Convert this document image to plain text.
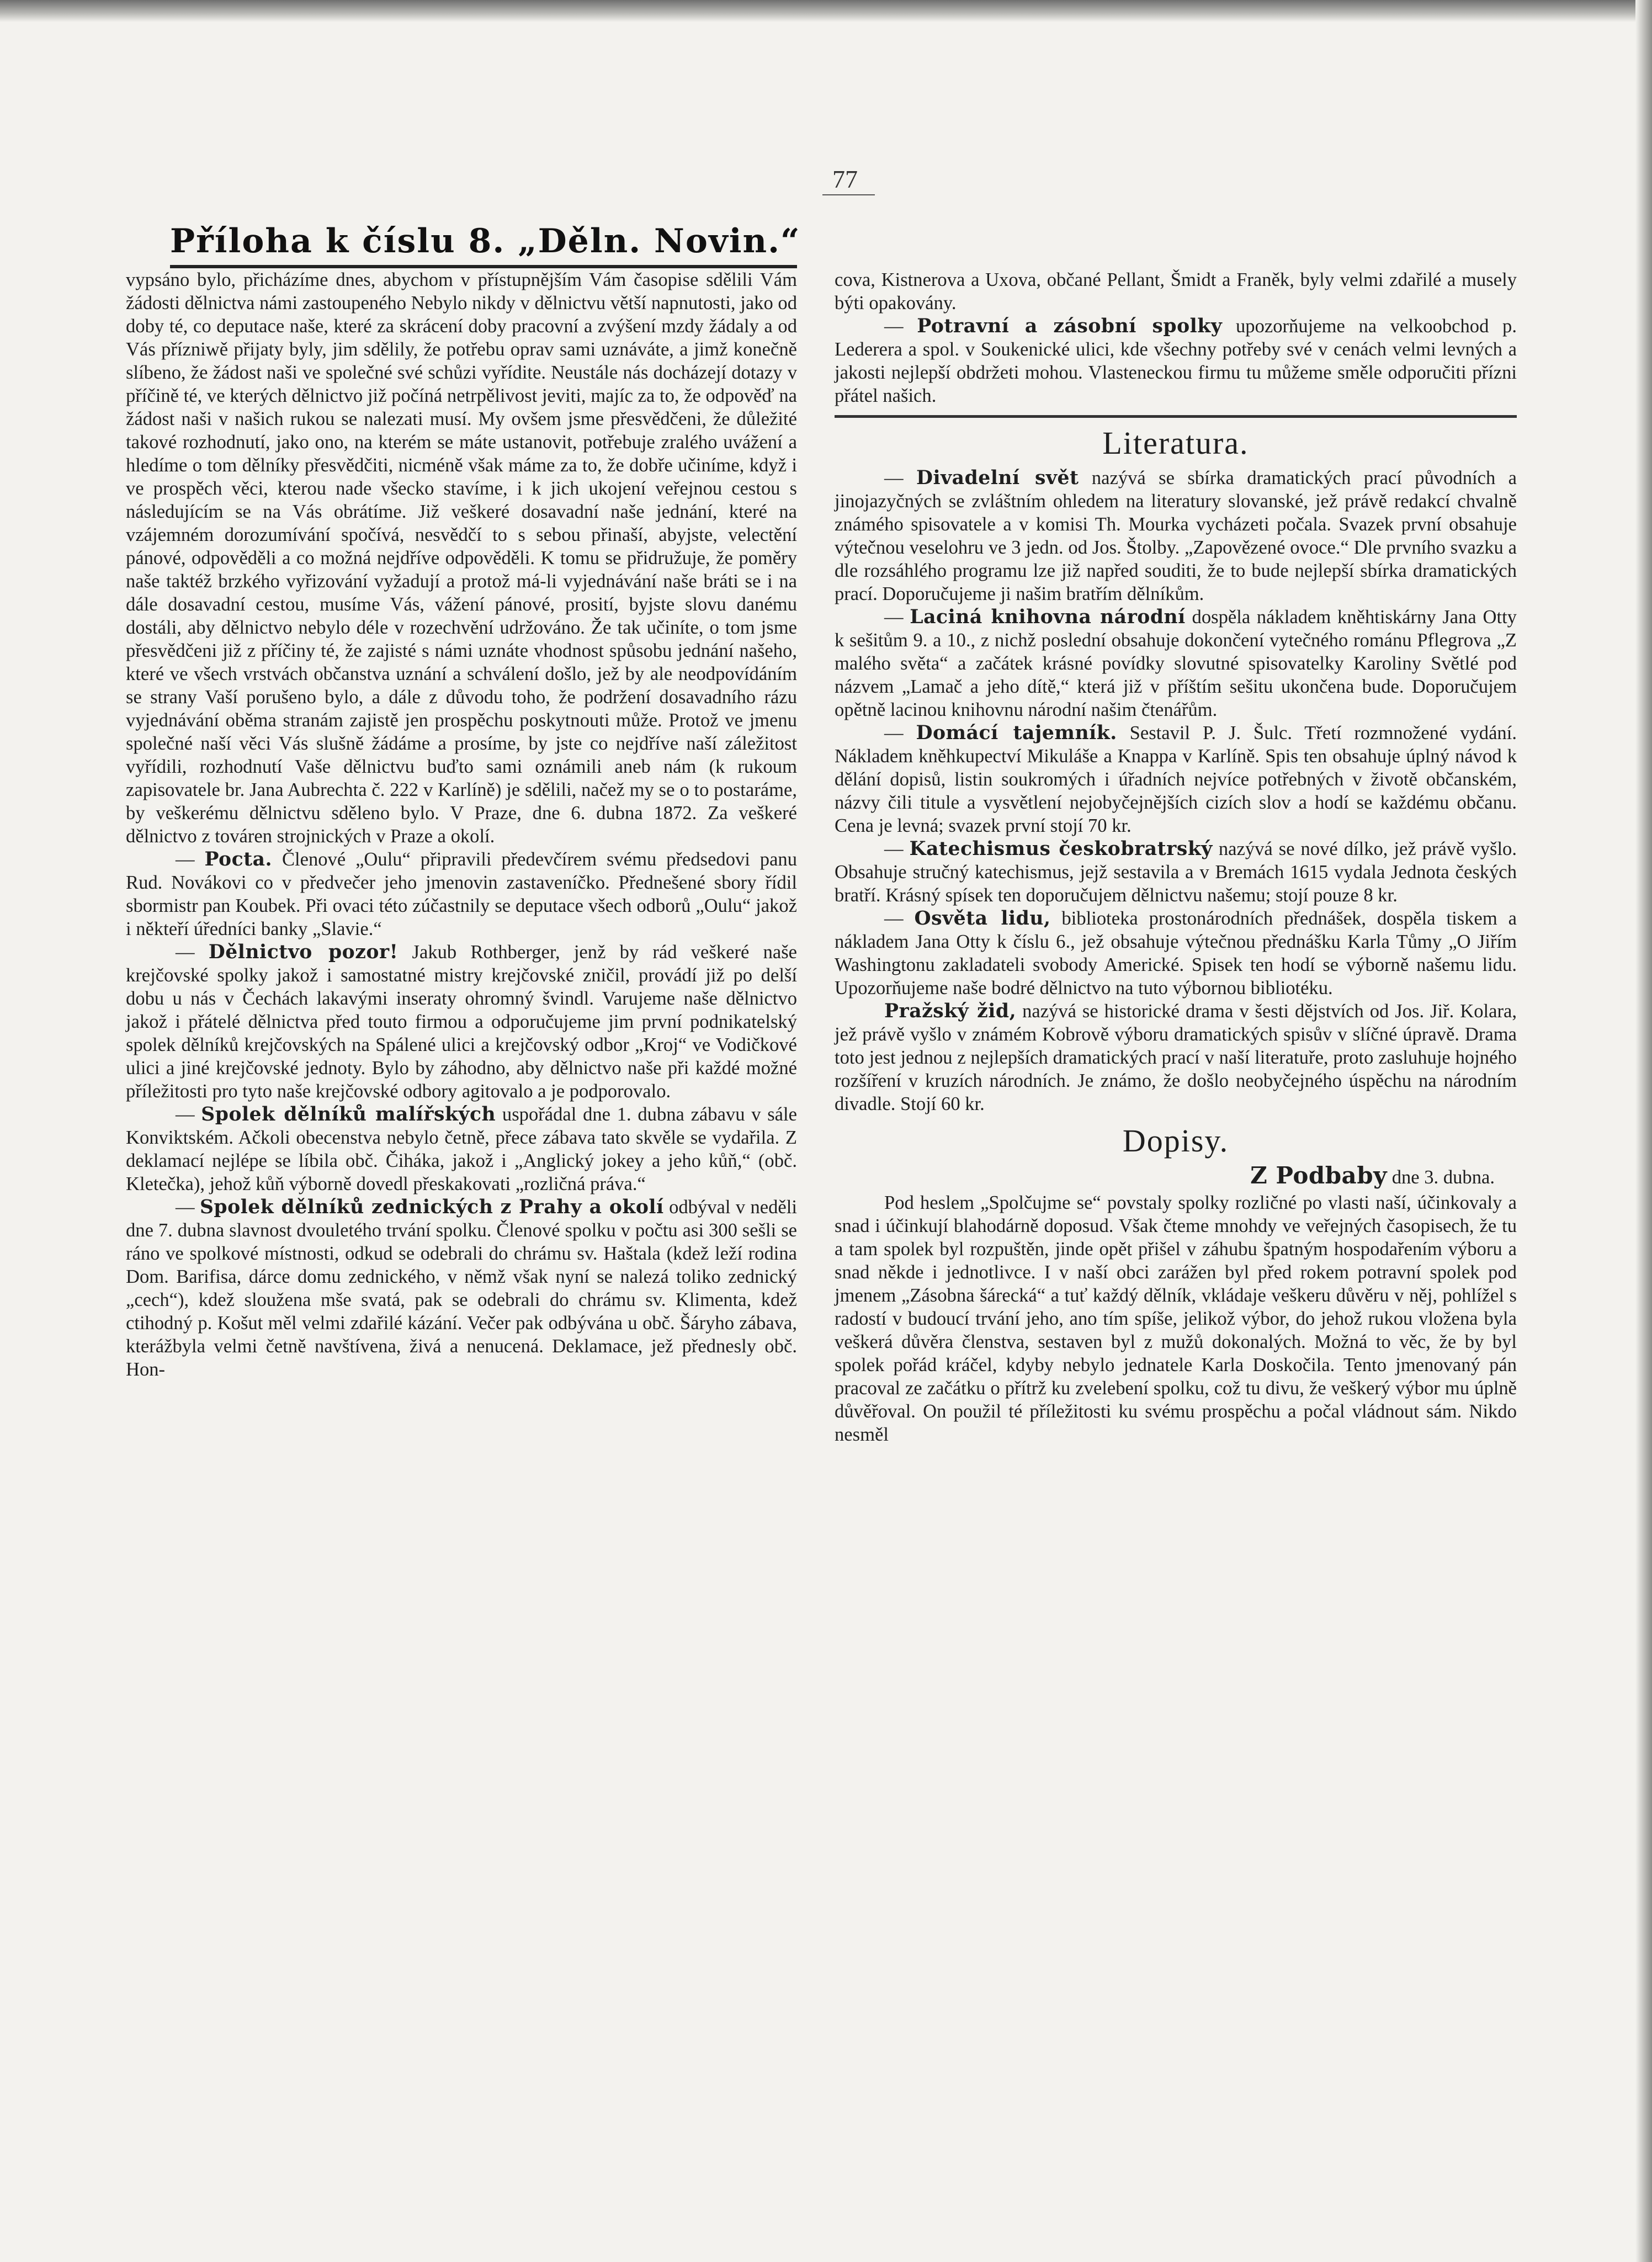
77
Příloha k číslu 8. „Děln. Novin.“

vypsáno bylo, přicházíme dnes, abychom v přístupnějším Vám časopise sdělili Vám žádosti dělnictva námi zastoupeného Nebylo nikdy v dělnictvu větší napnutosti, jako od doby té, co deputace naše, které za skrácení doby pracovní a zvýšení mzdy žádaly a od Vás přízniwě přijaty byly, jim sdělily, že potřebu oprav sami uznáváte, a jimž konečně slíbeno, že žádost naši ve společné své schůzi vyřídite. Neustále nás docházejí dotazy v příčině té, ve kterých dělnictvo již počíná netrpělivost jeviti, majíc za to, že odpověď na žádost naši v našich rukou se nalezati musí. My ovšem jsme přesvědčeni, že důležité takové rozhodnutí, jako ono, na kterém se máte ustanovit, potřebuje zralého uvážení a hledíme o tom dělníky přesvědčiti, nicméně však máme za to, že dobře učiníme, když i ve prospěch věci, kterou nade všecko stavíme, i k jich ukojení veřejnou cestou s následujícím se na Vás obrátíme. Již veškeré dosavadní naše jednání, které na vzájemném dorozumívání spočívá, nesvědčí to s sebou přinaší, abyjste, velectění pánové, odpověděli a co možná nejdříve odpověděli. K tomu se přidružuje, že poměry naše taktéž brzkého vyřizování vyžadují a protož má-li vyjednávání naše bráti se i na dále dosavadní cestou, musíme Vás, vážení pánové, prosití, byjste slovu danému dostáli, aby dělnictvo nebylo déle v rozechvění udržováno. Že tak učiníte, o tom jsme přesvědčeni již z příčiny té, že zajisté s námi uznáte vhodnost spůsobu jednání našeho, které ve všech vrstvách občanstva uznání a schválení došlo, jež by ale neodpovídáním se strany Vaší porušeno bylo, a dále z důvodu toho, že podržení dosavadního rázu vyjednávání oběma stranám zajistě jen prospěchu poskytnouti může. Protož ve jmenu společné naší věci Vás slušně žádáme a prosíme, by jste co nejdříve naší záležitost vyřídili, rozhodnutí Vaše dělnictvu buďto sami oznámili aneb nám (k rukoum zapisovatele br. Jana Aubrechta č. 222 v Karlíně) je sdělili, načež my se o to postaráme, by veškerému dělnictvu sděleno bylo. V Praze, dne 6. dubna 1872. Za veškeré dělnictvo z továren strojnických v Praze a okolí.

— Pocta. Členové „Oulu“ připravili předevčírem svému předsedovi panu Rud. Novákovi co v předvečer jeho jmenovin zastaveníčko. Přednešené sbory řídil sbormistr pan Koubek. Při ovaci této zúčastnily se deputace všech odborů „Oulu“ jakož i někteří úředníci banky „Slavie.“

— Dělnictvo pozor! Jakub Rothberger, jenž by rád veškeré naše krejčovské spolky jakož i samostatné mistry krejčovské zničil, provádí již po delší dobu u nás v Čechách lakavými inseraty ohromný švindl. Varujeme naše dělnictvo jakož i přátelé dělnictva před touto firmou a odporučujeme jim první podnikatelský spolek dělníků krejčovských na Spálené ulici a krejčovský odbor „Kroj“ ve Vodičkové ulici a jiné krejčovské jednoty. Bylo by záhodno, aby dělnictvo naše při každé možné příležitosti pro tyto naše krejčovské odbory agitovalo a je podporovalo.

— Spolek dělníků malířských uspořádal dne 1. dubna zábavu v sále Konviktském. Ačkoli obecenstva nebylo četně, přece zábava tato skvěle se vydařila. Z deklamací nejlépe se líbila obč. Čiháka, jakož i „Anglický jokey a jeho kůň,“ (obč. Kletečka), jehož kůň výborně dovedl přeskakovati „rozličná práva.“

— Spolek dělníků zednických z Prahy a okolí odbýval v neděli dne 7. dubna slavnost dvouletého trvání spolku. Členové spolku v počtu asi 300 sešli se ráno ve spolkové místnosti, odkud se odebrali do chrámu sv. Haštala (kdež leží rodina Dom. Barifisa, dárce domu zednického, v němž však nyní se nalezá toliko zednický „cech“), kdež sloužena mše svatá, pak se odebrali do chrámu sv. Klimenta, kdež ctihodný p. Košut měl velmi zdařilé kázání. Večer pak odbývána u obč. Šáryho zábava, kterážbyla velmi četně navštívena, živá a nenucená. Deklamace, jež přednesly obč. Hon-

cova, Kistnerova a Uxova, občané Pellant, Šmidt a Franěk, byly velmi zdařilé a musely býti opakovány.

— Potravní a zásobní spolky upozorňujeme na velkoobchod p. Lederera a spol. v Soukenické ulici, kde všechny potřeby své v cenách velmi levných a jakosti nejlepší obdržeti mohou. Vlasteneckou firmu tu můžeme směle odporučiti přízni přátel našich.

Literatura.

— Divadelní svět nazývá se sbírka dramatických prací původních a jinojazyčných se zvláštním ohledem na literatury slovanské, jež právě redakcí chvalně známého spisovatele a v komisi Th. Mourka vycházeti počala. Svazek první obsahuje výtečnou veselohru ve 3 jedn. od Jos. Štolby. „Zapovězené ovoce.“ Dle prvního svazku a dle rozsáhlého programu lze již napřed souditi, že to bude nejlepší sbírka dramatických prací. Doporučujeme ji našim bratřím dělníkům.

— Laciná knihovna národní dospěla nákladem kněhtiskárny Jana Otty k sešitům 9. a 10., z nichž poslední obsahuje dokončení vytečného románu Pflegrova „Z malého světa“ a začátek krásné povídky slovutné spisovatelky Karoliny Světlé pod názvem „Lamač a jeho dítě,“ která již v příštím sešitu ukončena bude. Doporučujem opětně lacinou knihovnu národní našim čtenářům.

— Domácí tajemník. Sestavil P. J. Šulc. Třetí rozmnožené vydání. Nákladem kněhkupectví Mikuláše a Knappa v Karlíně. Spis ten obsahuje úplný návod k dělání dopisů, listin soukromých i úřadních nejvíce potřebných v životě občanském, názvy čili titule a vysvětlení nejobyčejnějších cizích slov a hodí se každému občanu. Cena je levná; svazek první stojí 70 kr.

— Katechismus českobratrský nazývá se nové dílko, jež právě vyšlo. Obsahuje stručný katechismus, jejž sestavila a v Bremách 1615 vydala Jednota českých bratří. Krásný spísek ten doporučujem dělnictvu našemu; stojí pouze 8 kr.

— Osvěta lidu, biblioteka prostonárodních přednášek, dospěla tiskem a nákladem Jana Otty k číslu 6., jež obsahuje výtečnou přednášku Karla Tůmy „O Jiřím Washingtonu zakladateli svobody Americké. Spisek ten hodí se výborně našemu lidu. Upozorňujeme naše bodré dělnictvo na tuto výbornou bibliotéku.

Pražský žid, nazývá se historické drama v šesti dějstvích od Jos. Jiř. Kolara, jež právě vyšlo v známém Kobrově výboru dramatických spisův v slíčné úpravě. Drama toto jest jednou z nejlepších dramatických prací v naší literatuře, proto zasluhuje hojného rozšíření v kruzích národních. Je známo, že došlo neobyčejného úspěchu na národním divadle. Stojí 60 kr.

Dopisy.
Z Podbaby dne 3. dubna.

Pod heslem „Spolčujme se“ povstaly spolky rozličné po vlasti naší, účinkovaly a snad i účinkují blahodárně doposud. Však čteme mnohdy ve veřejných časopisech, že tu a tam spolek byl rozpuštěn, jinde opět přišel v záhubu špatným hospodařením výboru a snad někde i jednotlivce. I v naší obci zarážen byl před rokem potravní spolek pod jmenem „Zásobna šárecká“ a tuť každý dělník, vkládaje veškeru důvěru v něj, pohlížel s radostí v budoucí trvání jeho, ano tím spíše, jelikož výbor, do jehož rukou vložena byla veškerá důvěra členstva, sestaven byl z mužů dokonalých. Možná to věc, že by byl spolek pořád kráčel, kdyby nebylo jednatele Karla Doskočila. Tento jmenovaný pán pracoval ze začátku o přítrž ku zvelebení spolku, což tu divu, že veškerý výbor mu úplně důvěřoval. On použil té příležitosti ku svému prospěchu a počal vládnout sám. Nikdo nesměl
